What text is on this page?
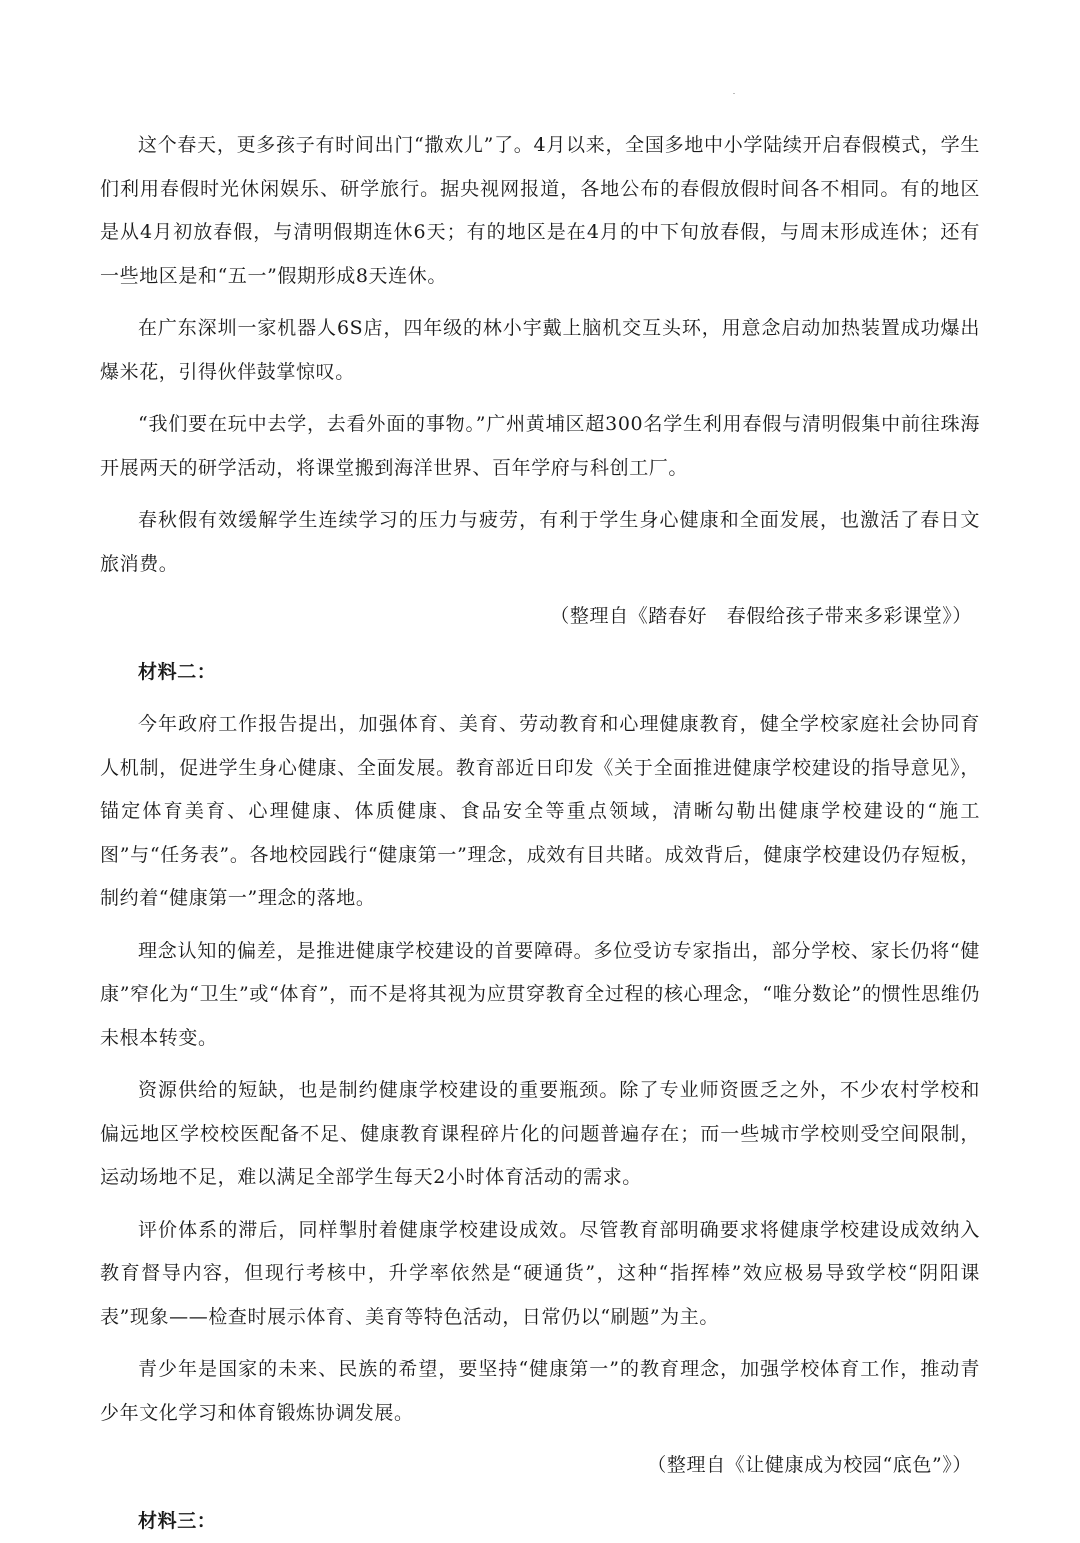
这个春天，更多孩子有时间出门“撒欢儿”了。4月以来，全国多地中小学陆续开启春假模式，学生们利用春假时光休闲娱乐、研学旅行。据央视网报道，各地公布的春假放假时间各不相同。有的地区是从4月初放春假，与清明假期连休6天；有的地区是在4月的中下旬放春假，与周末形成连休；还有一些地区是和“五一”假期形成8天连休。

在广东深圳一家机器人6S店，四年级的林小宇戴上脑机交互头环，用意念启动加热装置成功爆出爆米花，引得伙伴鼓掌惊叹。

“我们要在玩中去学，去看外面的事物。”广州黄埔区超300名学生利用春假与清明假集中前往珠海开展两天的研学活动，将课堂搬到海洋世界、百年学府与科创工厂。

春秋假有效缓解学生连续学习的压力与疲劳，有利于学生身心健康和全面发展，也激活了春日文旅消费。

（整理自《踏春好　春假给孩子带来多彩课堂》）

材料二：

今年政府工作报告提出，加强体育、美育、劳动教育和心理健康教育，健全学校家庭社会协同育人机制，促进学生身心健康、全面发展。教育部近日印发《关于全面推进健康学校建设的指导意见》，锚定体育美育、心理健康、体质健康、食品安全等重点领域，清晰勾勒出健康学校建设的“施工图”与“任务表”。各地校园践行“健康第一”理念，成效有目共睹。成效背后，健康学校建设仍存短板，制约着“健康第一”理念的落地。

理念认知的偏差，是推进健康学校建设的首要障碍。多位受访专家指出，部分学校、家长仍将“健康”窄化为“卫生”或“体育”，而不是将其视为应贯穿教育全过程的核心理念，“唯分数论”的惯性思维仍未根本转变。

资源供给的短缺，也是制约健康学校建设的重要瓶颈。除了专业师资匮乏之外，不少农村学校和偏远地区学校校医配备不足、健康教育课程碎片化的问题普遍存在；而一些城市学校则受空间限制，运动场地不足，难以满足全部学生每天2小时体育活动的需求。

评价体系的滞后，同样掣肘着健康学校建设成效。尽管教育部明确要求将健康学校建设成效纳入教育督导内容，但现行考核中，升学率依然是“硬通货”，这种“指挥棒”效应极易导致学校“阴阳课表”现象——检查时展示体育、美育等特色活动，日常仍以“刷题”为主。

青少年是国家的未来、民族的希望，要坚持“健康第一”的教育理念，加强学校体育工作，推动青少年文化学习和体育锻炼协调发展。

（整理自《让健康成为校园“底色”》）

材料三：
